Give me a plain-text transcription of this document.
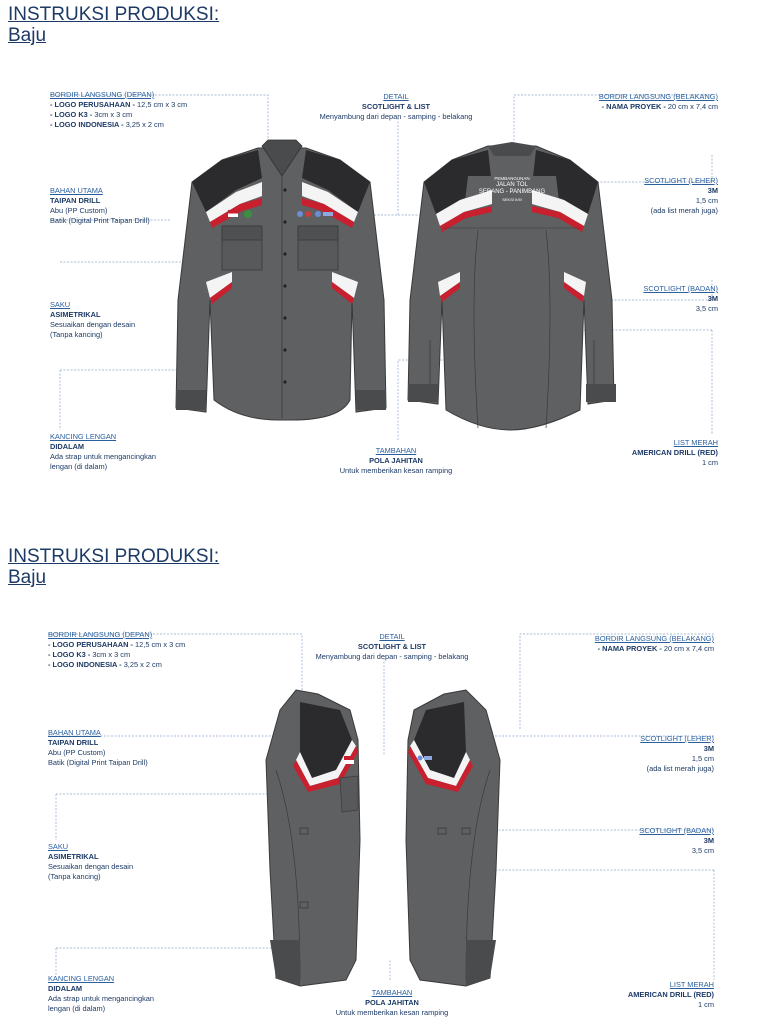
INSTRUKSI PRODUKSI:
Baju
PEMBANGUNAN
JALAN TOL
SERANG - PANIMBANG
SEKSI II/III
BORDIR LANGSUNG (DEPAN)
- LOGO PERUSAHAAN - 12,5 cm x 3 cm
- LOGO K3 - 3cm x 3 cm
- LOGO INDONESIA - 3,25 x 2 cm
DETAIL
SCOTLIGHT & LIST
Menyambung dari depan - samping - belakang
BORDIR LANGSUNG (BELAKANG)
- NAMA PROYEK - 20 cm x 7,4 cm
BAHAN UTAMA
TAIPAN DRILL
Abu (PP Custom)
Batik (Digital Print Taipan Drill)
SCOTLIGHT (LEHER)
3M
1,5 cm
(ada list merah juga)
SAKU
ASIMETRIKAL
Sesuaikan dengan desain
(Tanpa kancing)
SCOTLIGHT (BADAN)
3M
3,5 cm
KANCING LENGAN
DIDALAM
Ada strap untuk mengancingkan
lengan (di dalam)
TAMBAHAN
POLA JAHITAN
Untuk memberikan kesan ramping
LIST MERAH
AMERICAN DRILL (RED)
1 cm
INSTRUKSI PRODUKSI:
Baju
BORDIR LANGSUNG (DEPAN)
- LOGO PERUSAHAAN - 12,5 cm x 3 cm
- LOGO K3 - 3cm x 3 cm
- LOGO INDONESIA - 3,25 x 2 cm
DETAIL
SCOTLIGHT & LIST
Menyambung dari depan - samping - belakang
BORDIR LANGSUNG (BELAKANG)
- NAMA PROYEK - 20 cm x 7,4 cm
BAHAN UTAMA
TAIPAN DRILL
Abu (PP Custom)
Batik (Digital Print Taipan Drill)
SCOTLIGHT (LEHER)
3M
1,5 cm
(ada list merah juga)
SAKU
ASIMETRIKAL
Sesuaikan dengan desain
(Tanpa kancing)
SCOTLIGHT (BADAN)
3M
3,5 cm
KANCING LENGAN
DIDALAM
Ada strap untuk mengancingkan
lengan (di dalam)
TAMBAHAN
POLA JAHITAN
Untuk memberikan kesan ramping
LIST MERAH
AMERICAN DRILL (RED)
1 cm
